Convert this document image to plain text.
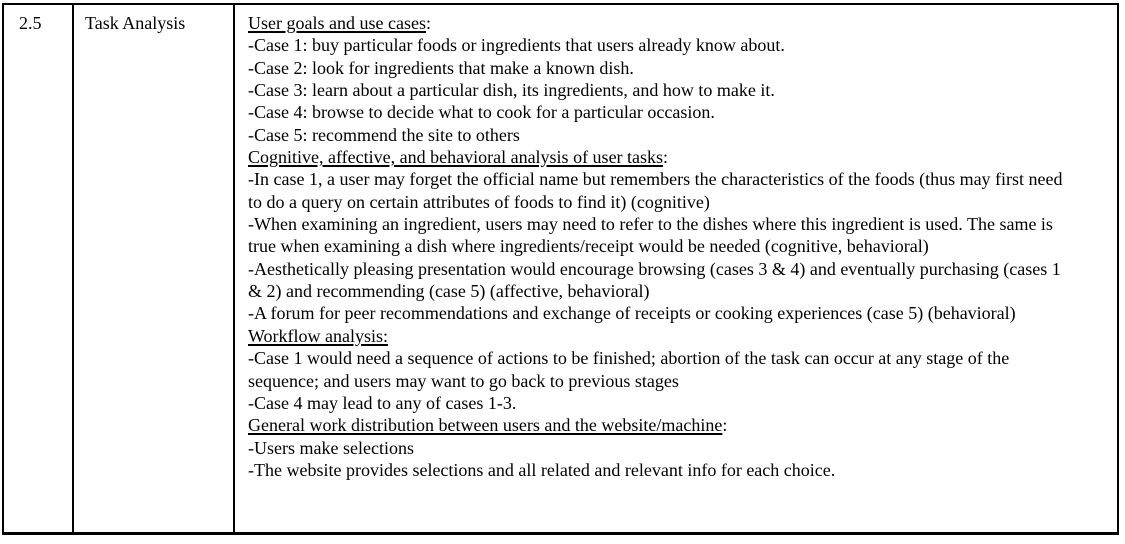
2.5	Task Analysis	User goals and use cases:
-Case 1: buy particular foods or ingredients that users already know about.
-Case 2: look for ingredients that make a known dish.
-Case 3: learn about a particular dish, its ingredients, and how to make it.
-Case 4: browse to decide what to cook for a particular occasion.
-Case 5: recommend the site to others
Cognitive, affective, and behavioral analysis of user tasks:
-In case 1, a user may forget the official name but remembers the characteristics of the foods (thus may first need
to do a query on certain attributes of foods to find it) (cognitive)
-When examining an ingredient, users may need to refer to the dishes where this ingredient is used. The same is
true when examining a dish where ingredients/receipt would be needed (cognitive, behavioral)
-Aesthetically pleasing presentation would encourage browsing (cases 3 & 4) and eventually purchasing (cases 1
& 2) and recommending (case 5) (affective, behavioral)
-A forum for peer recommendations and exchange of receipts or cooking experiences (case 5) (behavioral)
Workflow analysis:
-Case 1 would need a sequence of actions to be finished; abortion of the task can occur at any stage of the
sequence; and users may want to go back to previous stages
-Case 4 may lead to any of cases 1-3.
General work distribution between users and the website/machine:
-Users make selections
-The website provides selections and all related and relevant info for each choice.
